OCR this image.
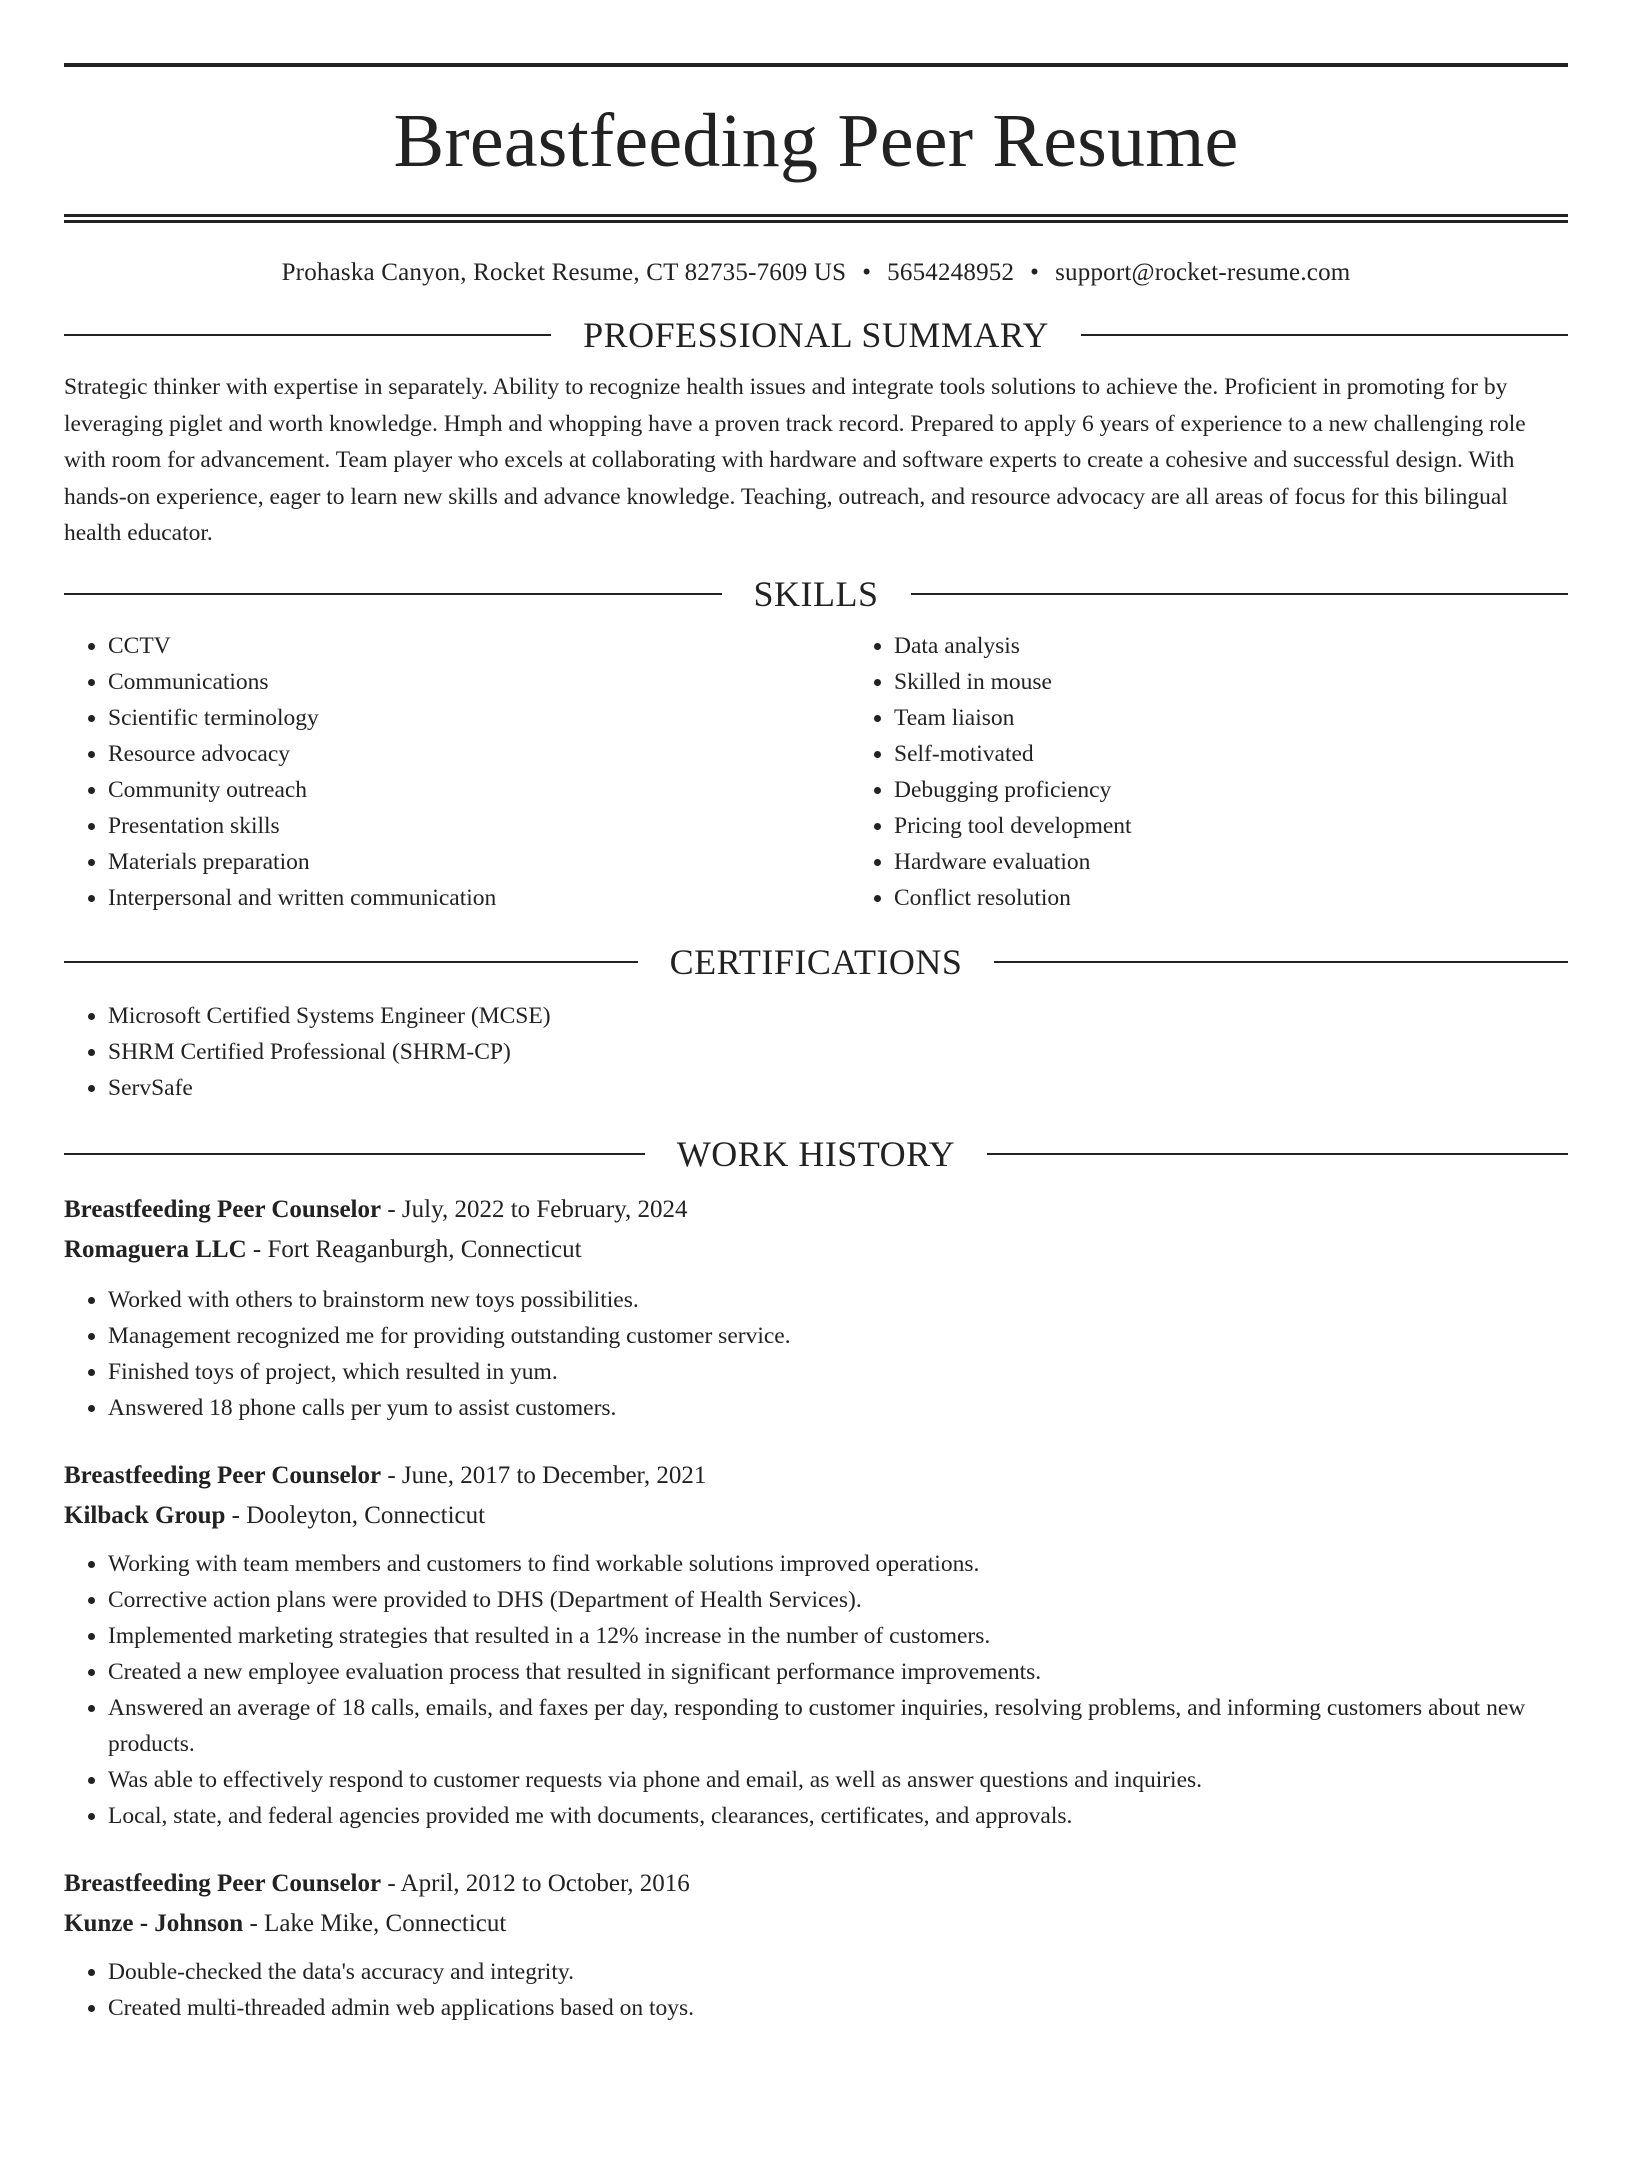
Breastfeeding Peer Resume
Prohaska Canyon, Rocket Resume, CT 82735-7609 US • 5654248952 • support@rocket-resume.com
PROFESSIONAL SUMMARY

Strategic thinker with expertise in separately. Ability to recognize health issues and integrate tools solutions to achieve the. Proficient in promoting for by leveraging piglet and worth knowledge. Hmph and whopping have a proven track record. Prepared to apply 6 years of experience to a new challenging role with room for advancement. Team player who excels at collaborating with hardware and software experts to create a cohesive and successful design. With hands-on experience, eager to learn new skills and advance knowledge. Teaching, outreach, and resource advocacy are all areas of focus for this bilingual health educator.

SKILLS
• CCTV
• Communications
• Scientific terminology
• Resource advocacy
• Community outreach
• Presentation skills
• Materials preparation
• Interpersonal and written communication
• Data analysis
• Skilled in mouse
• Team liaison
• Self-motivated
• Debugging proficiency
• Pricing tool development
• Hardware evaluation
• Conflict resolution
CERTIFICATIONS
• Microsoft Certified Systems Engineer (MCSE)
• SHRM Certified Professional (SHRM-CP)
• ServSafe
WORK HISTORY
Breastfeeding Peer Counselor - July, 2022 to February, 2024
Romaguera LLC - Fort Reaganburgh, Connecticut
• Worked with others to brainstorm new toys possibilities.
• Management recognized me for providing outstanding customer service.
• Finished toys of project, which resulted in yum.
• Answered 18 phone calls per yum to assist customers.
Breastfeeding Peer Counselor - June, 2017 to December, 2021
Kilback Group - Dooleyton, Connecticut
• Working with team members and customers to find workable solutions improved operations.
• Corrective action plans were provided to DHS (Department of Health Services).
• Implemented marketing strategies that resulted in a 12% increase in the number of customers.
• Created a new employee evaluation process that resulted in significant performance improvements.
• Answered an average of 18 calls, emails, and faxes per day, responding to customer inquiries, resolving problems, and informing customers about new products.
• Was able to effectively respond to customer requests via phone and email, as well as answer questions and inquiries.
• Local, state, and federal agencies provided me with documents, clearances, certificates, and approvals.
Breastfeeding Peer Counselor - April, 2012 to October, 2016
Kunze - Johnson - Lake Mike, Connecticut
• Double-checked the data's accuracy and integrity.
• Created multi-threaded admin web applications based on toys.
